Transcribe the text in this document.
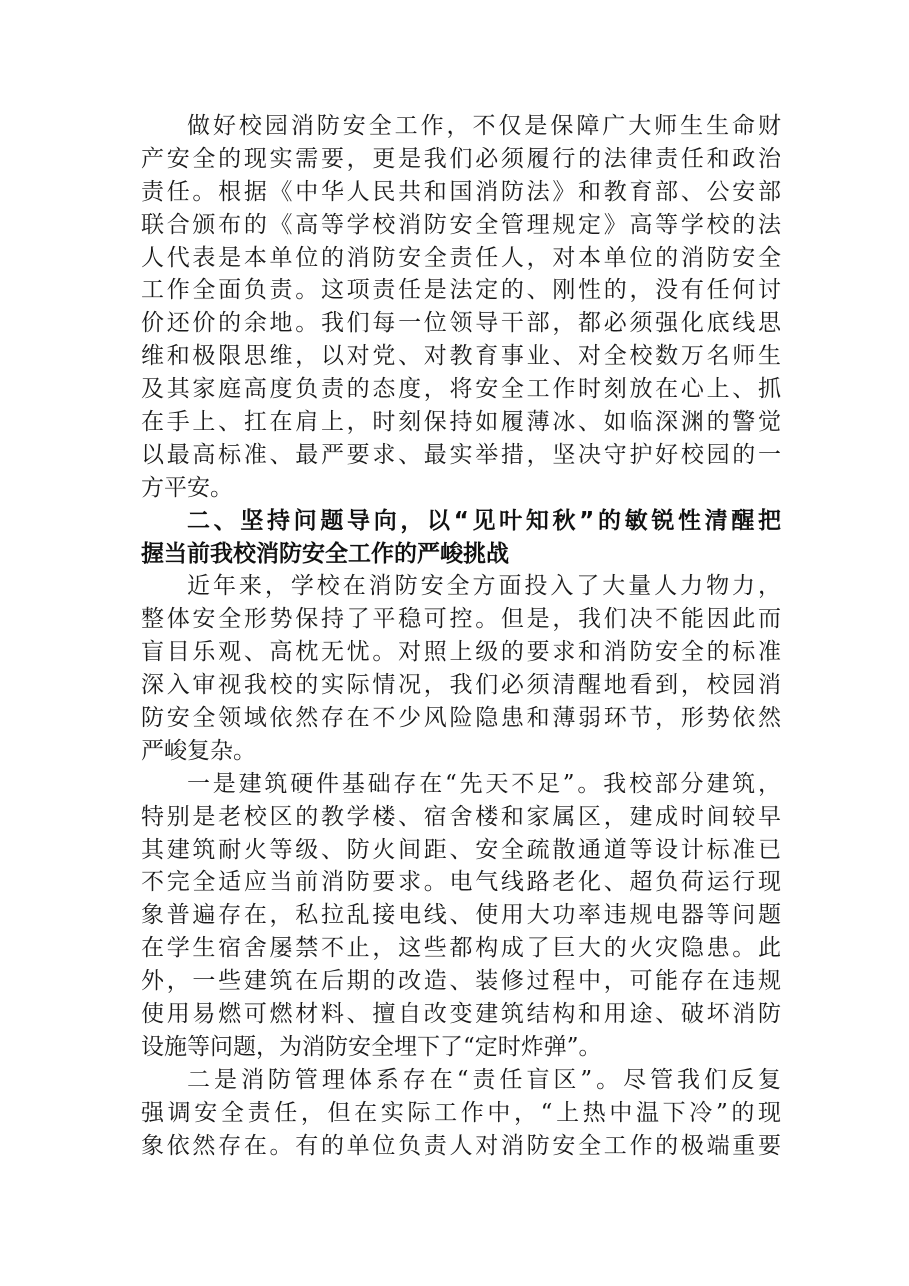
做好校园消防安全工作，不仅是保障广大师生生命财
产安全的现实需要，更是我们必须履行的法律责任和政治
责任。根据《中华人民共和国消防法》和教育部、公安部
联合颁布的《高等学校消防安全管理规定》高等学校的法
人代表是本单位的消防安全责任人，对本单位的消防安全
工作全面负责。这项责任是法定的、刚性的，没有任何讨
价还价的余地。我们每一位领导干部，都必须强化底线思
维和极限思维，以对党、对教育事业、对全校数万名师生
及其家庭高度负责的态度，将安全工作时刻放在心上、抓
在手上、扛在肩上，时刻保持如履薄冰、如临深渊的警觉
以最高标准、最严要求、最实举措，坚决守护好校园的一
方平安。
二、坚持问题导向，以“见叶知秋”的敏锐性清醒把
握当前我校消防安全工作的严峻挑战
近年来，学校在消防安全方面投入了大量人力物力，
整体安全形势保持了平稳可控。但是，我们决不能因此而
盲目乐观、高枕无忧。对照上级的要求和消防安全的标准
深入审视我校的实际情况，我们必须清醒地看到，校园消
防安全领域依然存在不少风险隐患和薄弱环节，形势依然
严峻复杂。
一是建筑硬件基础存在“先天不足”。我校部分建筑，
特别是老校区的教学楼、宿舍楼和家属区，建成时间较早
其建筑耐火等级、防火间距、安全疏散通道等设计标准已
不完全适应当前消防要求。电气线路老化、超负荷运行现
象普遍存在，私拉乱接电线、使用大功率违规电器等问题
在学生宿舍屡禁不止，这些都构成了巨大的火灾隐患。此
外，一些建筑在后期的改造、装修过程中，可能存在违规
使用易燃可燃材料、擅自改变建筑结构和用途、破坏消防
设施等问题，为消防安全埋下了“定时炸弹”。
二是消防管理体系存在“责任盲区”。尽管我们反复
强调安全责任，但在实际工作中，“上热中温下冷”的现
象依然存在。有的单位负责人对消防安全工作的极端重要
